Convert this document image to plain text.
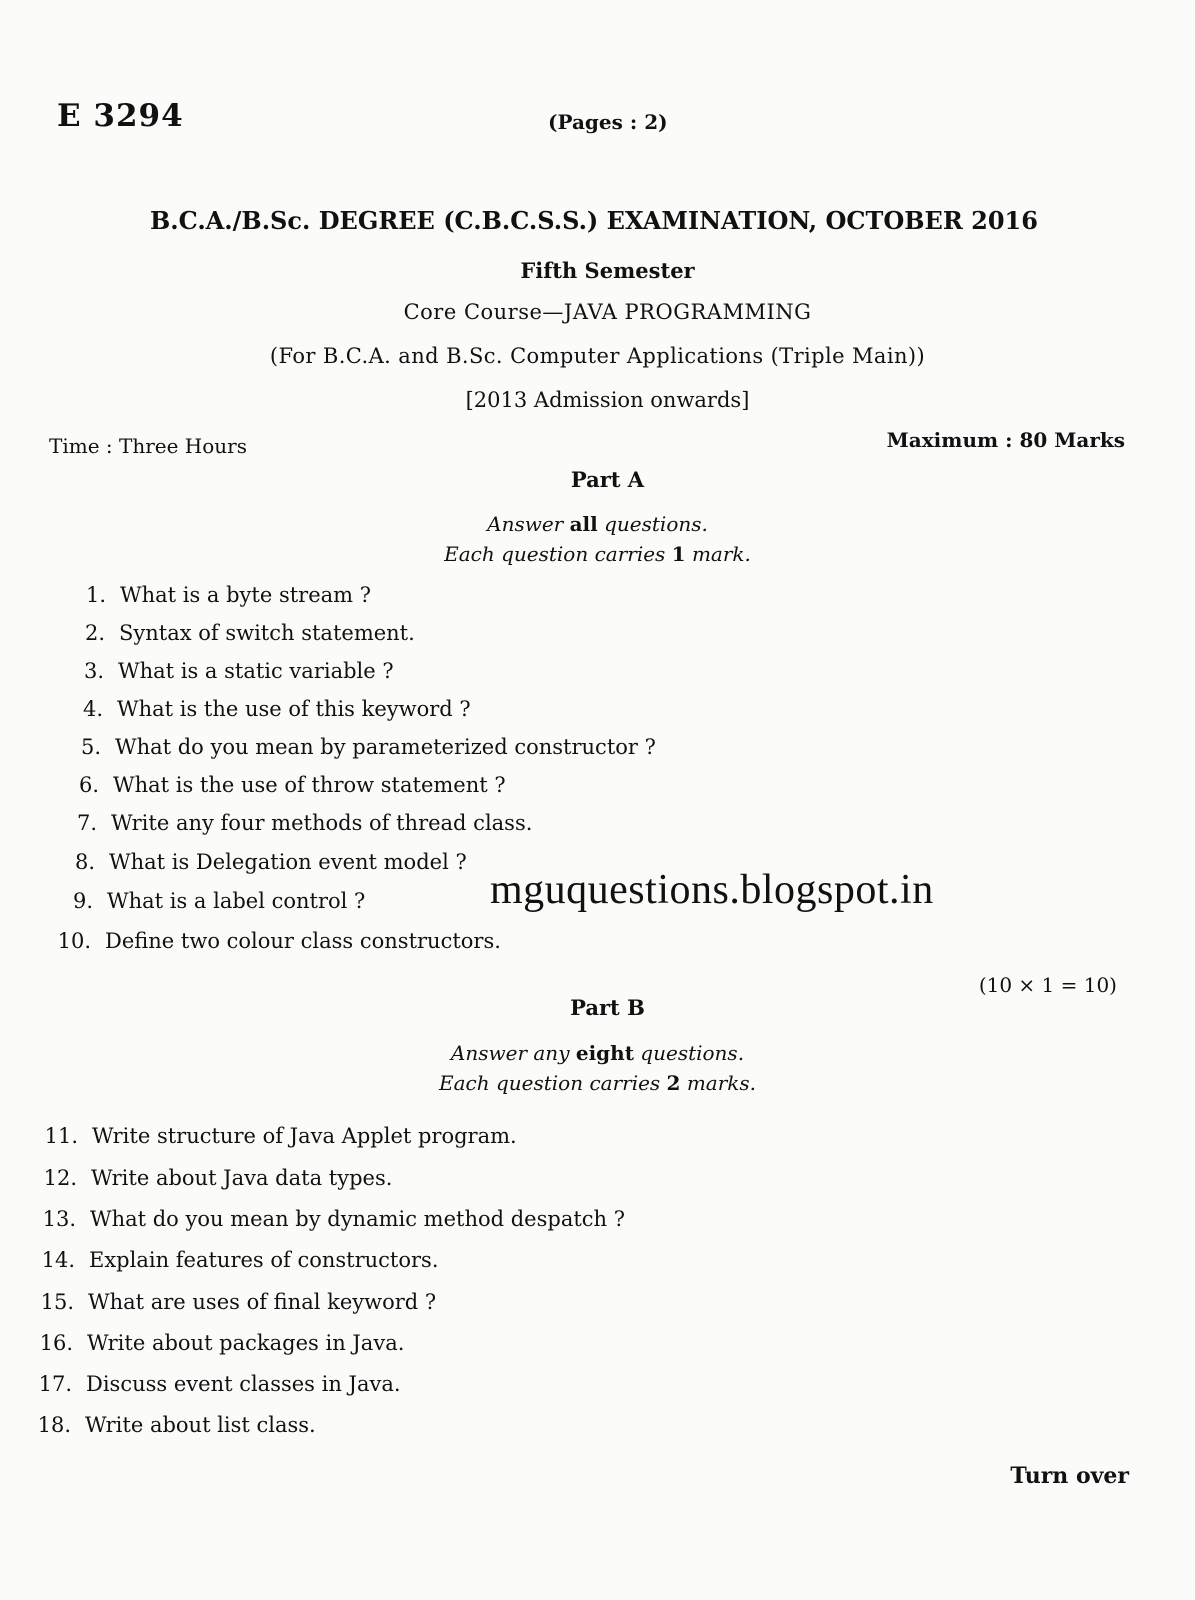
E 3294	(Pages : 2)
B.C.A./B.Sc. DEGREE (C.B.C.S.S.) EXAMINATION, OCTOBER 2016
Fifth Semester
Core Course—JAVA PROGRAMMING
(For B.C.A. and B.Sc. Computer Applications (Triple Main))
[2013 Admission onwards]
Time : Three Hours	Maximum : 80 Marks
Part A
Answer all questions.
Each question carries 1 mark.
1. What is a byte stream ?
2. Syntax of switch statement.
3. What is a static variable ?
4. What is the use of this keyword ?
5. What do you mean by parameterized constructor ?
6. What is the use of throw statement ?
7. Write any four methods of thread class.
8. What is Delegation event model ?
9. What is a label control ?
10. Define two colour class constructors.
mguquestions.blogspot.in
(10 × 1 = 10)
Part B
Answer any eight questions.
Each question carries 2 marks.
11. Write structure of Java Applet program.
12. Write about Java data types.
13. What do you mean by dynamic method despatch ?
14. Explain features of constructors.
15. What are uses of final keyword ?
16. Write about packages in Java.
17. Discuss event classes in Java.
18. Write about list class.
Turn over
